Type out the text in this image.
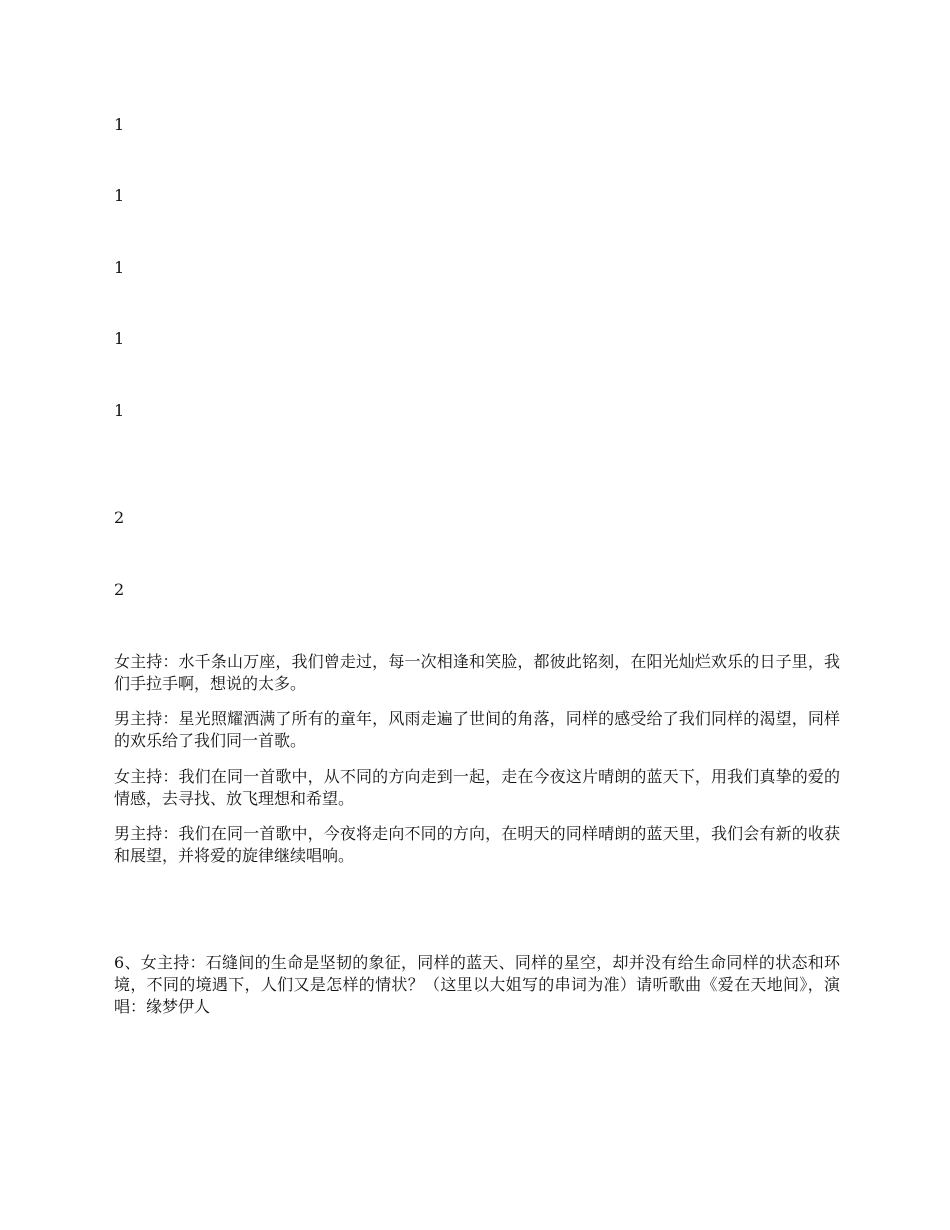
1

1

1

1

1

2

2

女主持：水千条山万座，我们曾走过，每一次相逢和笑脸，都彼此铭刻，在阳光灿烂欢乐的日子里，我们手拉手啊，想说的太多。

男主持：星光照耀洒满了所有的童年，风雨走遍了世间的角落，同样的感受给了我们同样的渴望，同样的欢乐给了我们同一首歌。

女主持：我们在同一首歌中，从不同的方向走到一起，走在今夜这片晴朗的蓝天下，用我们真挚的爱的情感，去寻找、放飞理想和希望。

男主持：我们在同一首歌中，今夜将走向不同的方向，在明天的同样晴朗的蓝天里，我们会有新的收获和展望，并将爱的旋律继续唱响。

6、女主持：石缝间的生命是坚韧的象征，同样的蓝天、同样的星空，却并没有给生命同样的状态和环境，不同的境遇下，人们又是怎样的情状？（这里以大姐写的串词为准）请听歌曲《爱在天地间》，演唱：缘梦伊人
